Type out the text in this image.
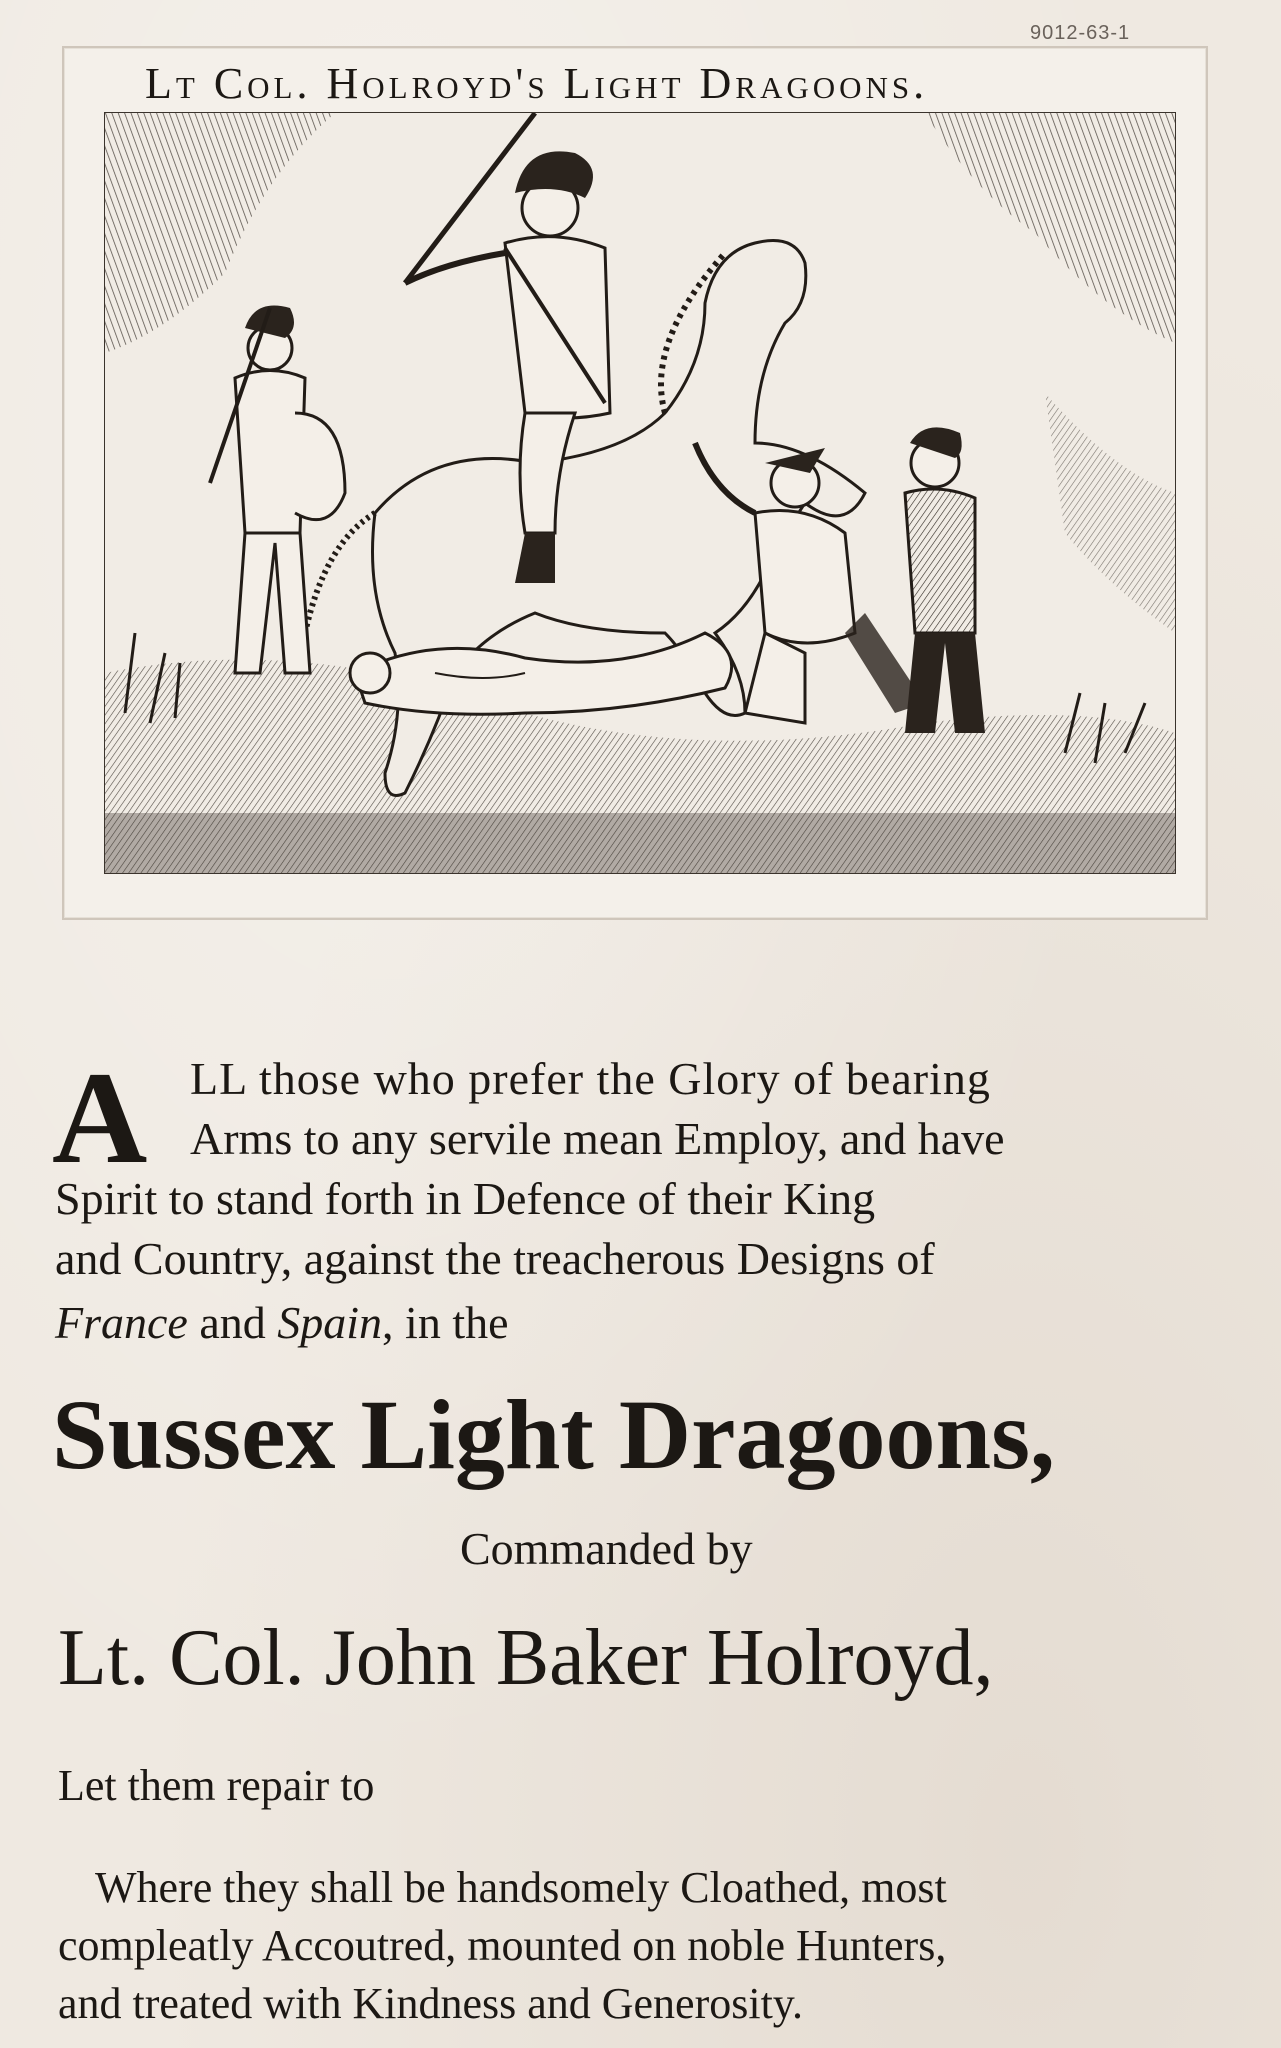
9012-63-1
Lt Col. Holroyd's Light Dragoons.
A LL those who prefer the Glory of bearing
Arms to any servile mean Employ, and have
Spirit to stand forth in Defence of their King
and Country, against the treacherous Designs of
France and Spain, in the
Sussex Light Dragoons,
Commanded by
Lt. Col. John Baker Holroyd,
Let them repair to
Where they shall be handsomely Cloathed, most
compleatly Accoutred, mounted on noble Hunters,
and treated with Kindness and Generosity.
